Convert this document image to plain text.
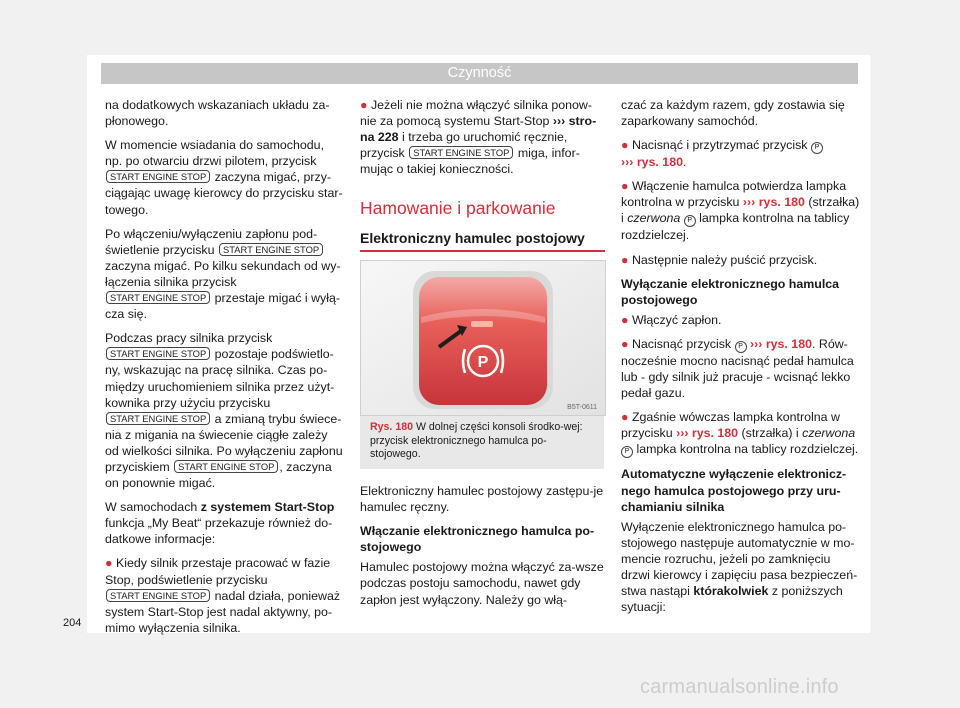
Czynność

na dodatkowych wskazaniach układu za-płonowego.

W momencie wsiadania do samochodu, np. po otwarciu drzwi pilotem, przycisk START ENGINE STOP zaczyna migać, przy-ciągając uwagę kierowcy do przycisku star-towego.

Po włączeniu/wyłączeniu zapłonu pod-świetlenie przycisku START ENGINE STOP zaczyna migać. Po kilku sekundach od wy-łączenia silnika przycisk START ENGINE STOP przestaje migać i wyłą-cza się.

Podczas pracy silnika przycisk START ENGINE STOP pozostaje podświetlo-ny, wskazując na pracę silnika. Czas po-między uruchomieniem silnika przez użyt-kownika przy użyciu przycisku START ENGINE STOP a zmianą trybu świece-nia z migania na świecenie ciągłe zależy od wielkości silnika. Po wyłączeniu zapłonu przyciskiem START ENGINE STOP , zaczyna on ponownie migać.

W samochodach z systemem Start-Stop funkcja „My Beat“ przekazuje również do-datkowe informacje:

● Kiedy silnik przestaje pracować w fazie Stop, podświetlenie przycisku START ENGINE STOP nadal działa, ponieważ system Start-Stop jest nadal aktywny, po-mimo wyłączenia silnika.

● Jeżeli nie można włączyć silnika ponow-nie za pomocą systemu Start-Stop ››› stro-na 228 i trzeba go uruchomić ręcznie, przycisk START ENGINE STOP miga, infor-mując o takiej konieczności.

Hamowanie i parkowanie

Elektroniczny hamulec postojowy

P
B5T-0611

Rys. 180 W dolnej części konsoli środko-wej: przycisk elektronicznego hamulca po-stojowego.

Elektroniczny hamulec postojowy zastępu-je hamulec ręczny.

Włączanie elektronicznego hamulca po-stojowego

Hamulec postojowy można włączyć za-wsze podczas postoju samochodu, nawet gdy zapłon jest wyłączony. Należy go włą-

czać za każdym razem, gdy zostawia się zaparkowany samochód.

● Nacisnąć i przytrzymać przycisk P
››› rys. 180.

● Włączenie hamulca potwierdza lampka kontrolna w przycisku ››› rys. 180 (strzałka) i czerwona P lampka kontrolna na tablicy rozdzielczej.

● Następnie należy puścić przycisk.

Wyłączanie elektronicznego hamulca postojowego

● Włączyć zapłon.

● Nacisnąć przycisk P ››› rys. 180. Rów-nocześnie mocno nacisnąć pedał hamulca lub - gdy silnik już pracuje - wcisnąć lekko pedał gazu.

● Zgaśnie wówczas lampka kontrolna w przycisku ››› rys. 180 (strzałka) i czerwona P lampka kontrolna na tablicy rozdzielczej.

Automatyczne wyłączenie elektronicz-nego hamulca postojowego przy uru-chamianiu silnika

Wyłączenie elektronicznego hamulca po-stojowego następuje automatycznie w mo-mencie rozruchu, jeżeli po zamknięciu drzwi kierowcy i zapięciu pasa bezpieczeń-stwa nastąpi którakolwiek z poniższych sytuacji:

204
carmanualsonline.info
